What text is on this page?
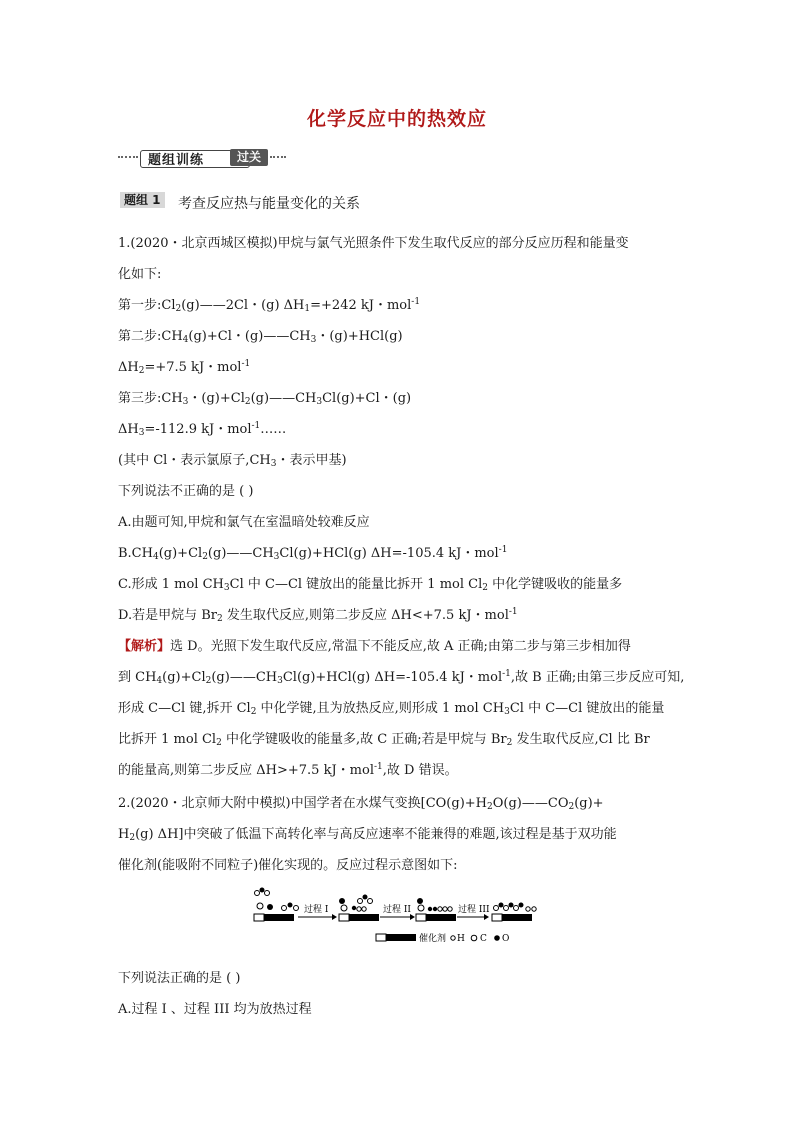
化学反应中的热效应
题组训练	过关
题组 1 考查反应热与能量变化的关系
1.(2020・北京西城区模拟)甲烷与氯气光照条件下发生取代反应的部分反应历程和能量变
化如下:
第一步$:Cl_2(g)——2Cl$・(g) $\Delta H_1=+242$ kJ・mol$^{-1}$
第二步$:CH_4(g)+Cl$・$(g)——CH_3$・(g)+HCl(g)
$\Delta H_2=+7.5$ kJ・mol$^{-1}$
第三步$:CH_3$・$(g)+Cl_2(g)——CH_3Cl(g)+Cl$・(g)
$\Delta H_3=-112.9$ kJ・mol$^{-1}$……
(其中 Cl・表示氯原子$,CH_3$・表示甲基)
下列说法不正确的是 ( )
A.由题可知,甲烷和氯气在室温暗处较难反应
$B.CH_4(g)+Cl_2(g)——CH_3Cl(g)+HCl(g)$ ΔH=-105.4 kJ・mol$^{-1}$
C.形成 1 mol $CH_3Cl$ 中 C—Cl 键放出的能量比拆开 1 mol $Cl_2$ 中化学键吸收的能量多
D.若是甲烷与 $Br_2$ 发生取代反应,则第二步反应 ΔH<+7.5 kJ・mol$^{-1}$
【解析】选 D。光照下发生取代反应,常温下不能反应,故 A 正确;由第二步与第三步相加得
到 $CH_4(g)+Cl_2(g)——CH_3Cl(g)+HCl(g)$ ΔH=-105.4 kJ・mol$^{-1}$,故 B 正确;由第三步反应可知,
形成 C—Cl 键,拆开 $Cl_2$ 中化学键,且为放热反应,则形成 1 mol $CH_3Cl$ 中 C—Cl 键放出的能量
比拆开 1 mol $Cl_2$ 中化学键吸收的能量多,故 C 正确;若是甲烷与 $Br_2$ 发生取代反应,Cl 比 Br
的能量高,则第二步反应 ΔH>+7.5 kJ・mol$^{-1}$,故 D 错误。
2.(2020・北京师大附中模拟)中国学者在水煤气变换[$CO(g)+H_2O(g)——CO_2(g)+$
$H_2(g)$ ΔH]中突破了低温下高转化率与高反应速率不能兼得的难题,该过程是基于双功能
催化剂(能吸附不同粒子)催化实现的。反应过程示意图如下:
过程 I	过程 II	过程 III
催化剂 H C O
下列说法正确的是 ( )
A.过程 I 、过程 III 均为放热过程
